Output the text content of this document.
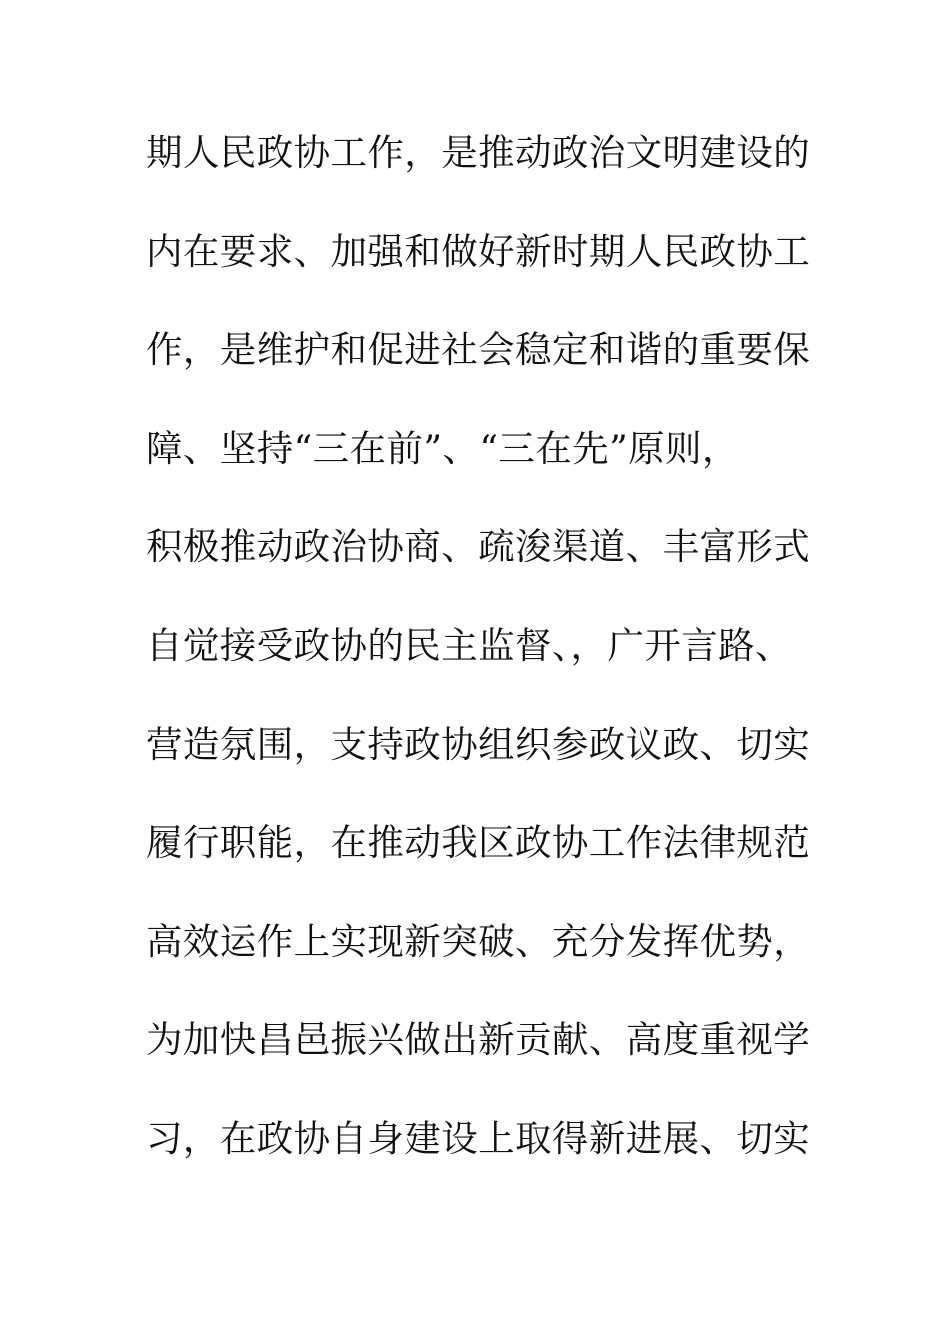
期人民政协工作，是推动政治文明建设的
内在要求、加强和做好新时期人民政协工
作，是维护和促进社会稳定和谐的重要保
障、坚持“三在前”、“三在先”原则，
积极推动政治协商、疏浚渠道、丰富形式
自觉接受政协的民主监督、，广开言路、
营造氛围，支持政协组织参政议政、切实
履行职能，在推动我区政协工作法律规范
高效运作上实现新突破、充分发挥优势，
为加快昌邑振兴做出新贡献、高度重视学
习，在政协自身建设上取得新进展、切实
